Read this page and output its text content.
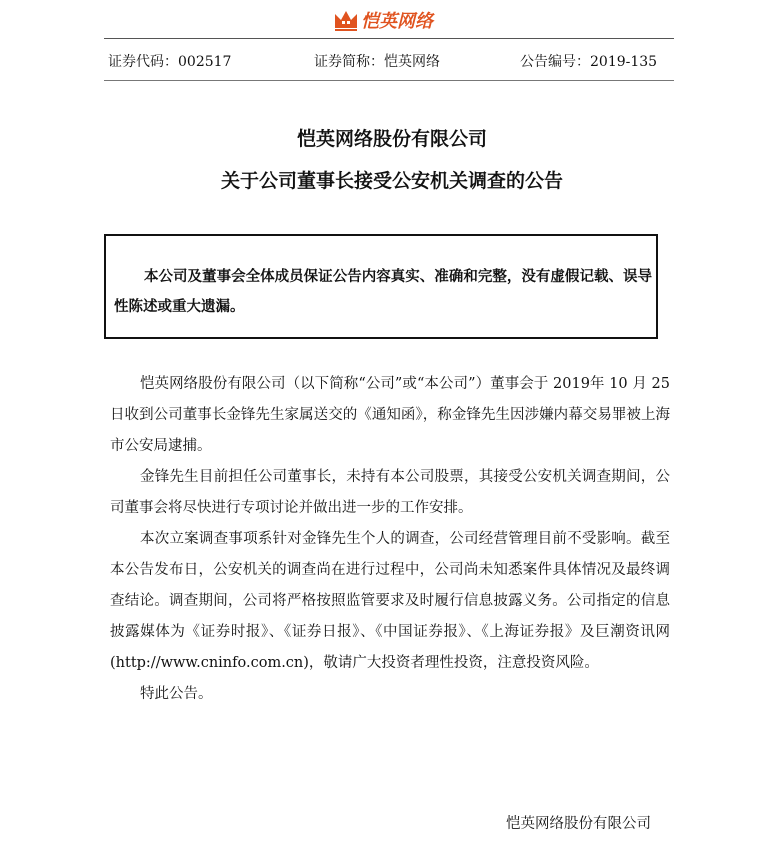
恺英网络
证券代码：002517	证券简称：恺英网络	公告编号：2019-135
恺英网络股份有限公司
关于公司董事长接受公安机关调查的公告
本公司及董事会全体成员保证公告内容真实、准确和完整，没有虚假记载、误导性陈述或重大遗漏。

恺英网络股份有限公司（以下简称“公司”或“本公司”）董事会于 2019年 10 月 25 日收到公司董事长金锋先生家属送交的《通知函》，称金锋先生因涉嫌内幕交易罪被上海市公安局逮捕。

金锋先生目前担任公司董事长，未持有本公司股票，其接受公安机关调查期间，公司董事会将尽快进行专项讨论并做出进一步的工作安排。

本次立案调查事项系针对金锋先生个人的调查，公司经营管理目前不受影响。截至本公告发布日，公安机关的调查尚在进行过程中，公司尚未知悉案件具体情况及最终调查结论。调查期间，公司将严格按照监管要求及时履行信息披露义务。公司指定的信息披露媒体为《证券时报》、《证券日报》、《中国证券报》、《上海证券报》及巨潮资讯网(http://www.cninfo.com.cn)，敬请广大投资者理性投资，注意投资风险。

特此公告。

恺英网络股份有限公司
